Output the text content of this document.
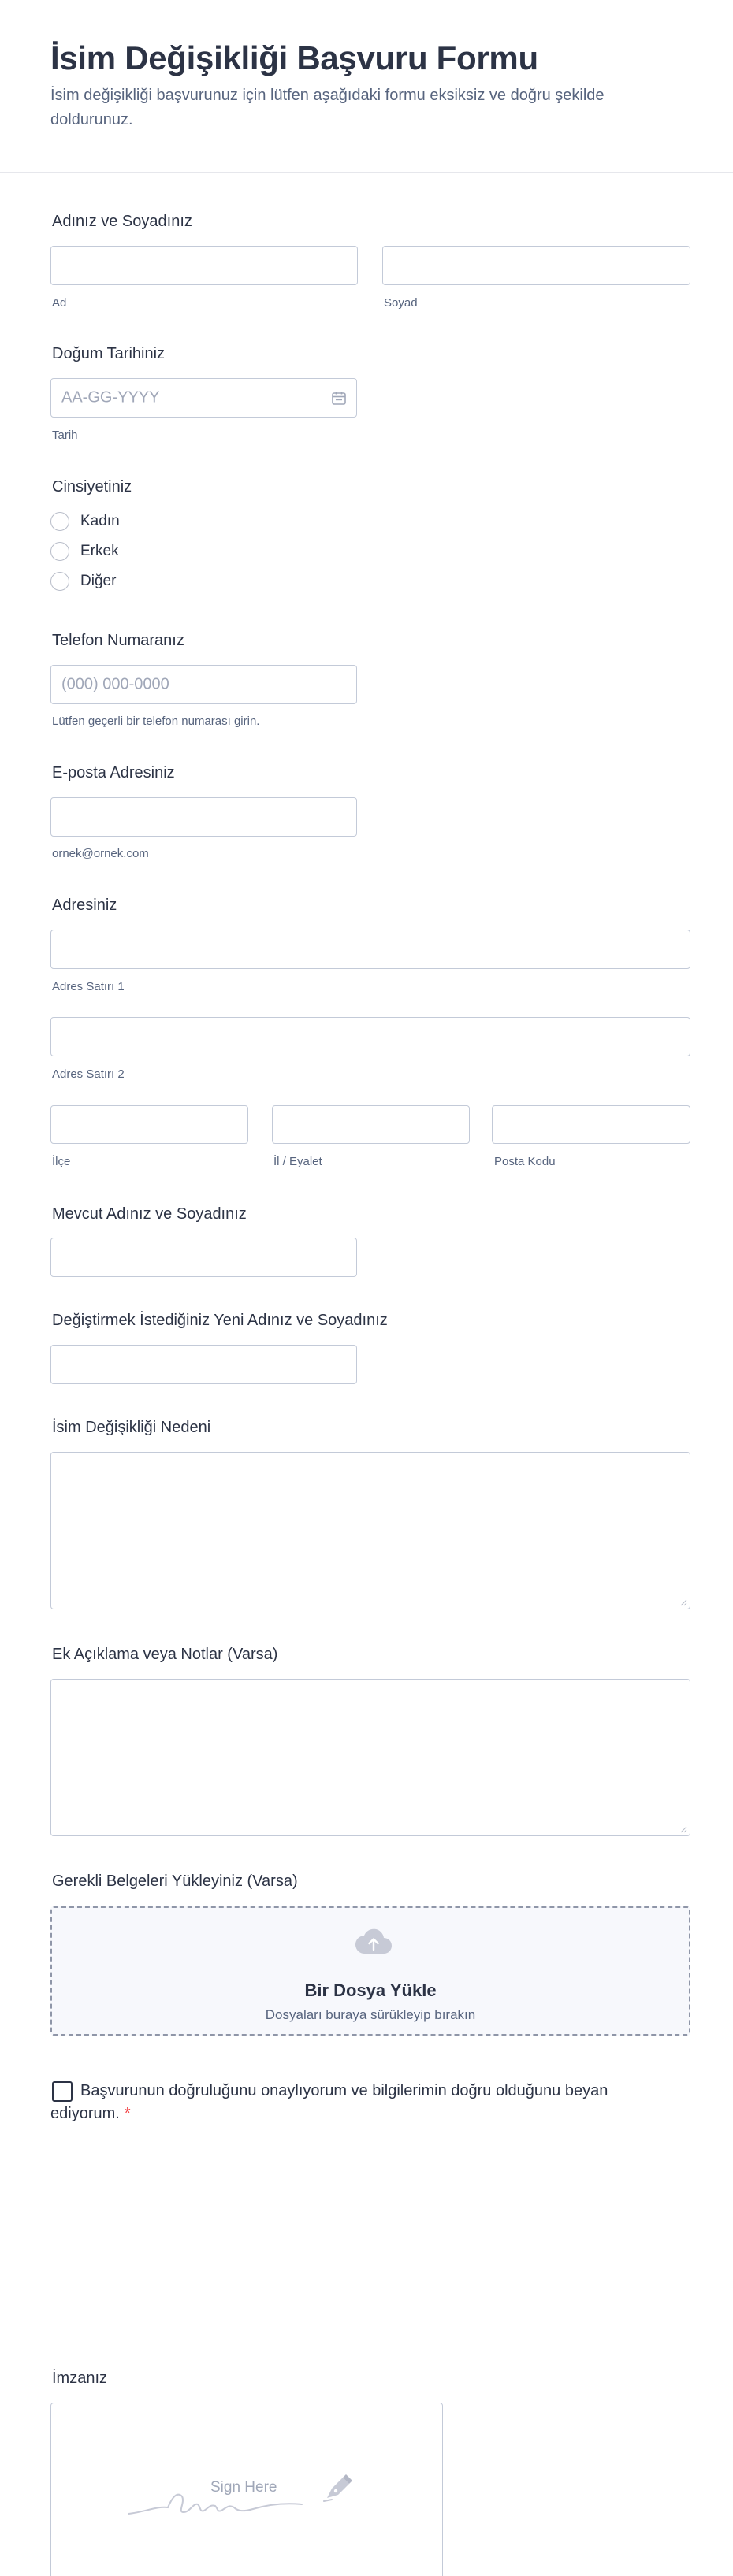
İsim Değişikliği Başvuru Formu

İsim değişikliği başvurunuz için lütfen aşağıdaki formu eksiksiz ve doğru şekilde doldurunuz.

Adınız ve Soyadınız
Ad	Soyad
Doğum Tarihiniz
AA-GG-YYYY
Tarih
Cinsiyetiniz
Kadın
Erkek
Diğer
Telefon Numaranız
(000) 000-0000
Lütfen geçerli bir telefon numarası girin.
E-posta Adresiniz
ornek@ornek.com
Adresiniz
Adres Satırı 1
Adres Satırı 2
İlçe	İl / Eyalet	Posta Kodu
Mevcut Adınız ve Soyadınız
Değiştirmek İstediğiniz Yeni Adınız ve Soyadınız
İsim Değişikliği Nedeni
Ek Açıklama veya Notlar (Varsa)
Gerekli Belgeleri Yükleyiniz (Varsa)
Bir Dosya Yükle
Dosyaları buraya sürükleyip bırakın
Başvurunun doğruluğunu onaylıyorum ve bilgilerimin doğru olduğunu beyan ediyorum. *
İmzanız
Sign Here
